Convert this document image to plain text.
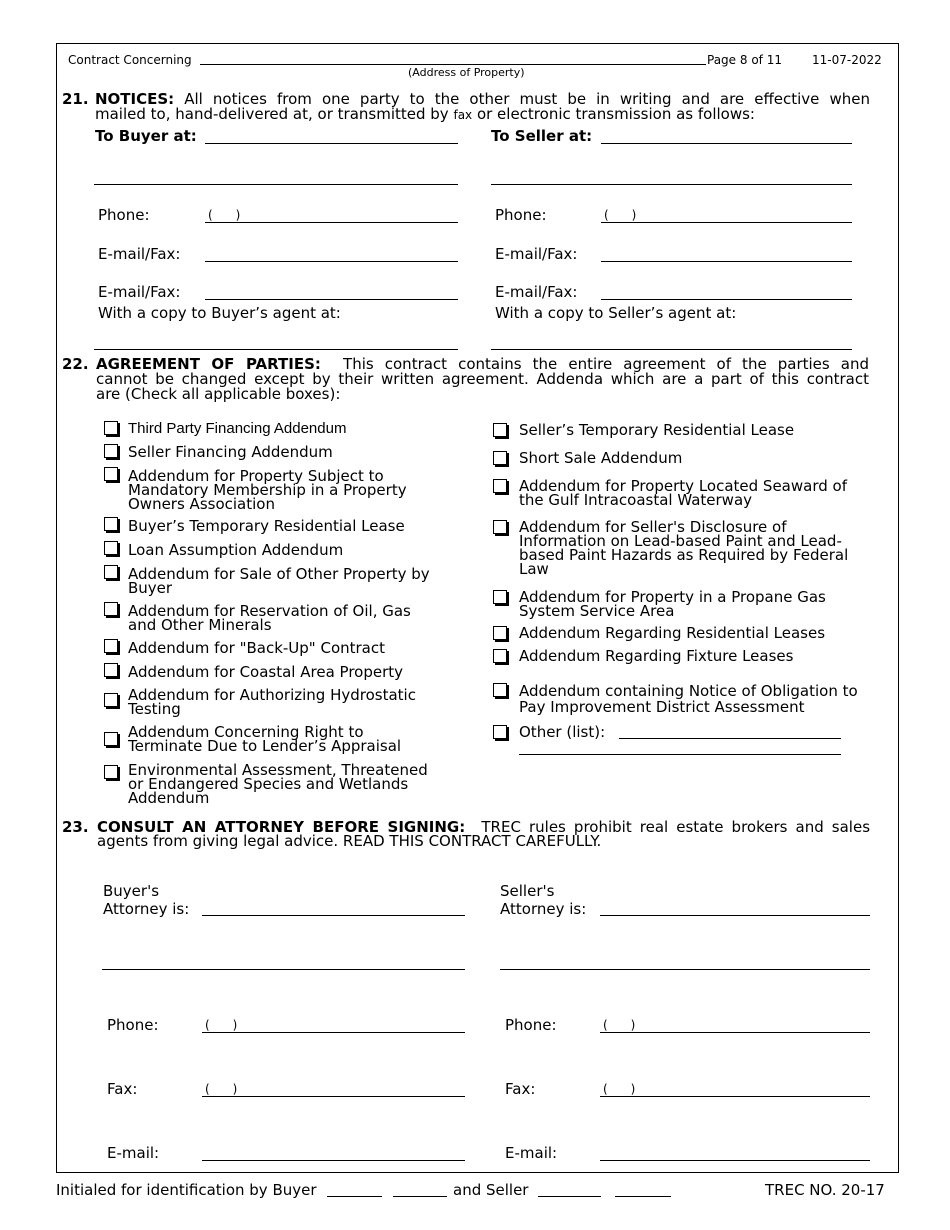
Contract Concerning
(Address of Property)
Page 8 of 11	11-07-2022
21. NOTICES: All notices from one party to the other must be in writing and are effective when
mailed to, hand-delivered at, or transmitted by fax or electronic transmission as follows:
To Buyer at:	To Seller at:
Phone:	(      )	Phone:	(      )
E-mail/Fax:	E-mail/Fax:
E-mail/Fax:	E-mail/Fax:
With a copy to Buyer’s agent at:	With a copy to Seller’s agent at:
22. AGREEMENT OF PARTIES: This contract contains the entire agreement of the parties and
cannot be changed except by their written agreement. Addenda which are a part of this contract
are (Check all applicable boxes):
Third Party Financing Addendum
Seller Financing Addendum
Addendum for Property Subject to Mandatory Membership in a Property Owners Association
Buyer’s Temporary Residential Lease
Loan Assumption Addendum
Addendum for Sale of Other Property by Buyer
Addendum for Reservation of Oil, Gas and Other Minerals
Addendum for "Back-Up" Contract
Addendum for Coastal Area Property
Addendum for Authorizing Hydrostatic Testing
Addendum Concerning Right to Terminate Due to Lender’s Appraisal
Environmental Assessment, Threatened or Endangered Species and Wetlands Addendum
Seller’s Temporary Residential Lease
Short Sale Addendum
Addendum for Property Located Seaward of the Gulf Intracoastal Waterway
Addendum for Seller's Disclosure of Information on Lead-based Paint and Lead-based Paint Hazards as Required by Federal Law
Addendum for Property in a Propane Gas System Service Area
Addendum Regarding Residential Leases
Addendum Regarding Fixture Leases
Addendum containing Notice of Obligation to Pay Improvement District Assessment
Other (list):
23. CONSULT AN ATTORNEY BEFORE SIGNING: TREC rules prohibit real estate brokers and sales
agents from giving legal advice. READ THIS CONTRACT CAREFULLY.
Buyer's
Attorney is:
Seller's
Attorney is:
Phone:	(      )	Phone:	(      )
Fax:	(      )	Fax:	(      )
E-mail:	E-mail:
Initialed for identification by Buyer	and Seller	TREC NO. 20-17
